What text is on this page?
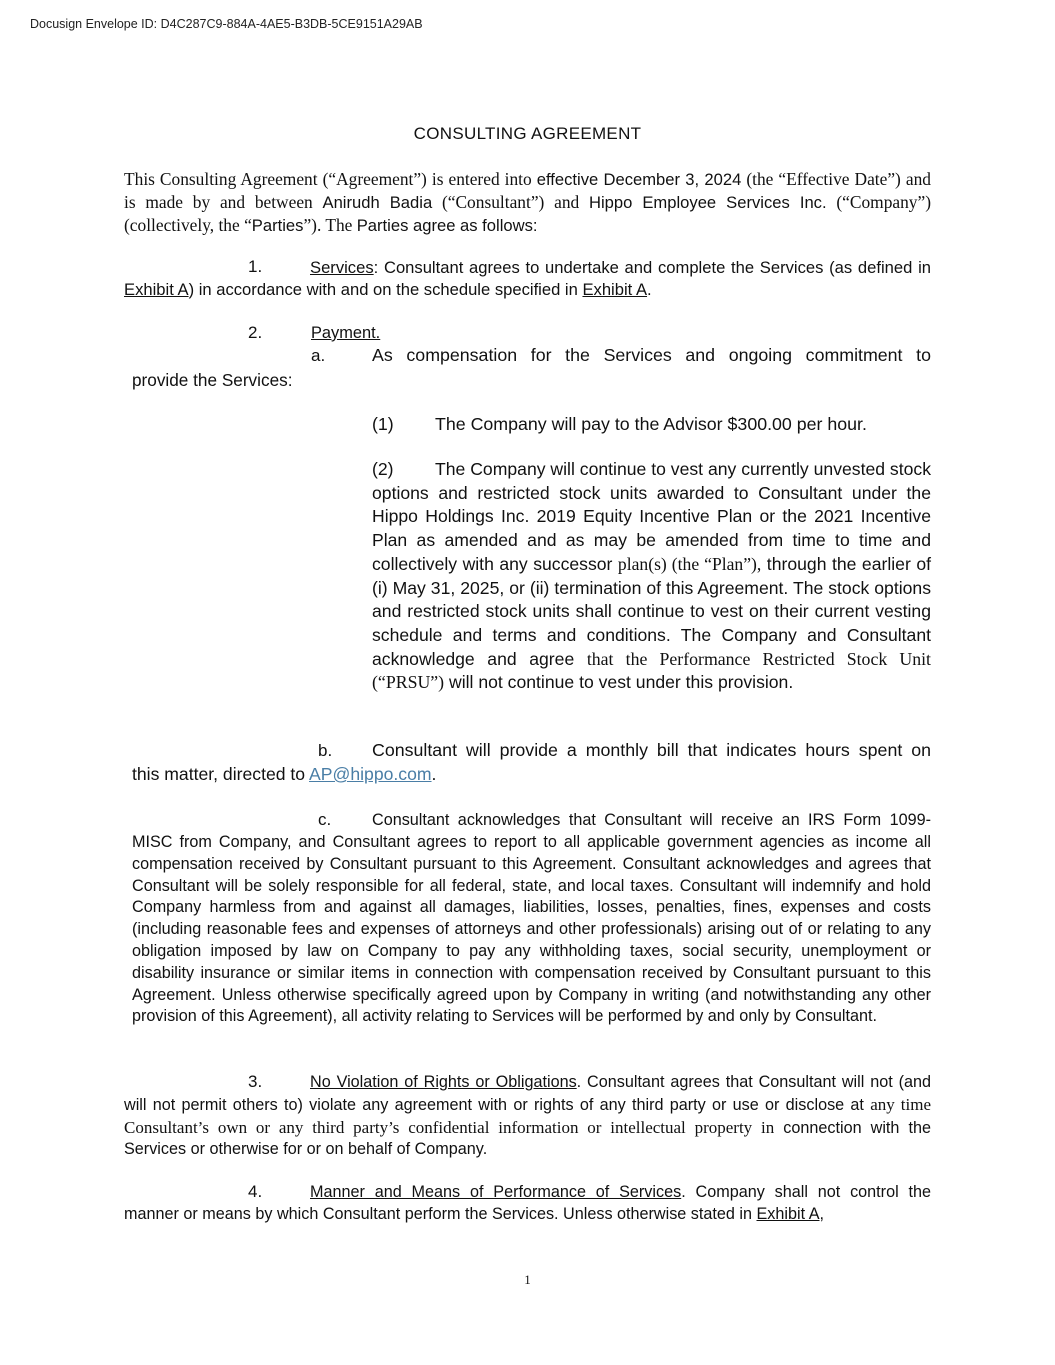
Docusign Envelope ID: D4C287C9-884A-4AE5-B3DB-5CE9151A29AB
CONSULTING AGREEMENT
This Consulting Agreement (“Agreement”) is entered into effective December 3, 2024 (the “Effective Date”) and is made by and between Anirudh Badia (“Consultant”) and Hippo Employee Services Inc. (“Company”) (collectively, the “Parties”). The Parties agree as follows:
1.	Services: Consultant agrees to undertake and complete the Services (as defined in Exhibit A) in accordance with and on the schedule specified in Exhibit A.
2.	Payment.
a.	As compensation for the Services and ongoing commitment to
provide the Services:
(1) The Company will pay to the Advisor $300.00 per hour.
(2) The Company will continue to vest any currently unvested stock options and restricted stock units awarded to Consultant under the Hippo Holdings Inc. 2019 Equity Incentive Plan or the 2021 Incentive Plan as amended and as may be amended from time to time and collectively with any successor plan(s) (the “Plan”), through the earlier of (i) May 31, 2025, or (ii) termination of this Agreement. The stock options and restricted stock units shall continue to vest on their current vesting schedule and terms and conditions. The Company and Consultant acknowledge and agree that the Performance Restricted Stock Unit (“PRSU”) will not continue to vest under this provision.
b. Consultant will provide a monthly bill that indicates hours spent on
this matter, directed to AP@hippo.com.
c.	Consultant acknowledges that Consultant will receive an IRS Form 1099-
MISC from Company, and Consultant agrees to report to all applicable government agencies as income all compensation received by Consultant pursuant to this Agreement. Consultant acknowledges and agrees that Consultant will be solely responsible for all federal, state, and local taxes. Consultant will indemnify and hold Company harmless from and against all damages, liabilities, losses, penalties, fines, expenses and costs (including reasonable fees and expenses of attorneys and other professionals) arising out of or relating to any obligation imposed by law on Company to pay any withholding taxes, social security, unemployment or disability insurance or similar items in connection with compensation received by Consultant pursuant to this Agreement. Unless otherwise specifically agreed upon by Company in writing (and notwithstanding any other provision of this Agreement), all activity relating to Services will be performed by and only by Consultant.
3.	No Violation of Rights or Obligations. Consultant agrees that Consultant will not (and will not permit others to) violate any agreement with or rights of any third party or use or disclose at any time Consultant’s own or any third party’s confidential information or intellectual property in connection with the Services or otherwise for or on behalf of Company.
4.	Manner and Means of Performance of Services. Company shall not control the manner or means by which Consultant perform the Services. Unless otherwise stated in Exhibit A,
1
